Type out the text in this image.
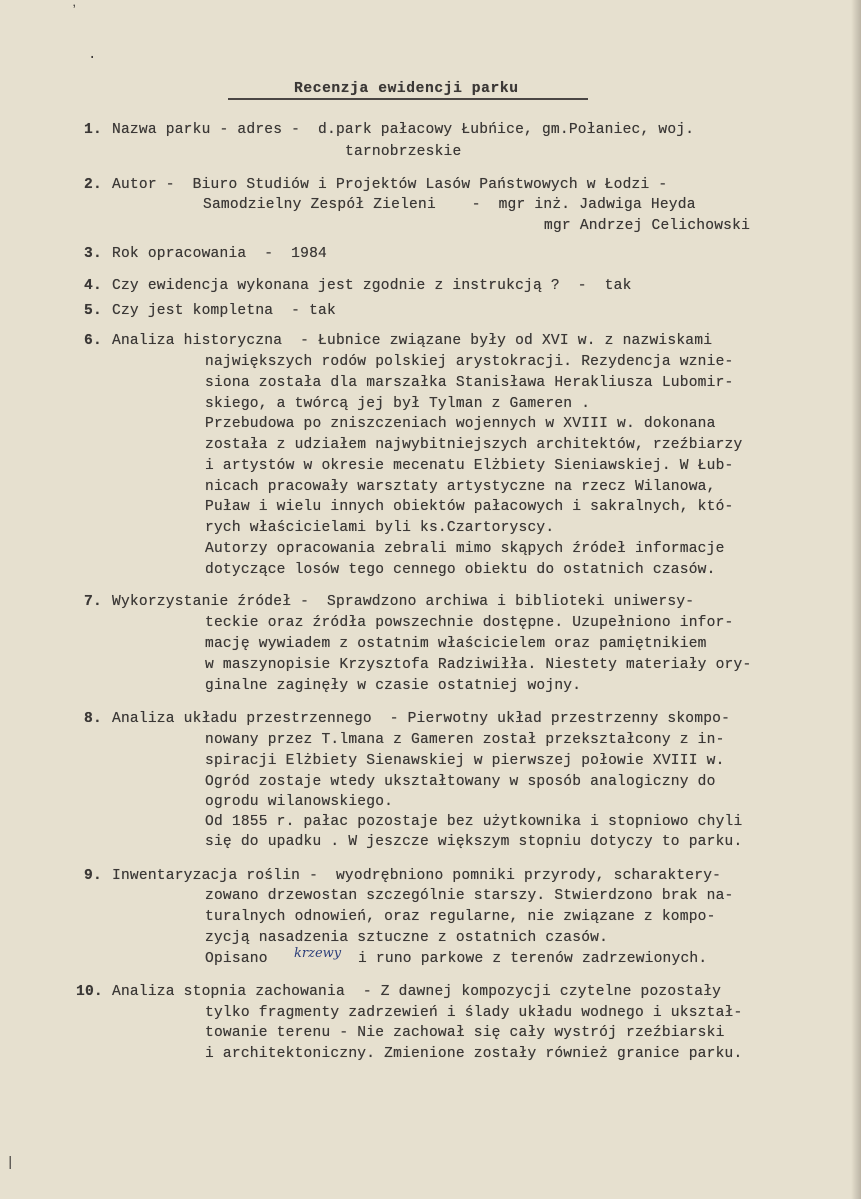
ʼ
·
Recenzja ewidencji parku
1. Nazwa parku - adres -  d.park pałacowy Łubńice, gm.Połaniec, woj.
tarnobrzeskie
2. Autor -  Biuro Studiów i Projektów Lasów Państwowych w Łodzi -
Samodzielny Zespół Zieleni    -  mgr inż. Jadwiga Heyda
mgr Andrzej Celichowski
3. Rok opracowania  -  1984
4. Czy ewidencja wykonana jest zgodnie z instrukcją ?  -  tak
5. Czy jest kompletna  - tak
6. Analiza historyczna  - Łubnice związane były od XVI w. z nazwiskami
największych rodów polskiej arystokracji. Rezydencja wznie-
siona została dla marszałka Stanisława Herakliusza Lubomir-
skiego, a twórcą jej był Tylman z Gameren .
Przebudowa po zniszczeniach wojennych w XVIII w. dokonana
została z udziałem najwybitniejszych architektów, rzeźbiarzy
i artystów w okresie mecenatu Elżbiety Sieniawskiej. W Łub-
nicach pracowały warsztaty artystyczne na rzecz Wilanowa,
Puław i wielu innych obiektów pałacowych i sakralnych, któ-
rych właścicielami byli ks.Czartoryscy.
Autorzy opracowania zebrali mimo skąpych źródeł informacje
dotyczące losów tego cennego obiektu do ostatnich czasów.
7. Wykorzystanie źródeł -  Sprawdzono archiwa i biblioteki uniwersy-
teckie oraz źródła powszechnie dostępne. Uzupełniono infor-
mację wywiadem z ostatnim właścicielem oraz pamiętnikiem
w maszynopisie Krzysztofa Radziwiłła. Niestety materiały ory-
ginalne zaginęły w czasie ostatniej wojny.
8. Analiza układu przestrzennego  - Pierwotny układ przestrzenny skompo-
nowany przez T.lmana z Gameren został przekształcony z in-
spiracji Elżbiety Sienawskiej w pierwszej połowie XVIII w.
Ogród zostaje wtedy ukształtowany w sposób analogiczny do
ogrodu wilanowskiego.
Od 1855 r. pałac pozostaje bez użytkownika i stopniowo chyli
się do upadku . W jeszcze większym stopniu dotyczy to parku.
9. Inwentaryzacja roślin -  wyodrębniono pomniki przyrody, scharaktery-
zowano drzewostan szczególnie starszy. Stwierdzono brak na-
turalnych odnowień, oraz regularne, nie związane z kompo-
zycją nasadzenia sztuczne z ostatnich czasów.
Opisano krzewy i runo parkowe z terenów zadrzewionych.
10. Analiza stopnia zachowania  - Z dawnej kompozycji czytelne pozostały
tylko fragmenty zadrzewień i ślady układu wodnego i ukształ-
towanie terenu - Nie zachował się cały wystrój rzeźbiarski
i architektoniczny. Zmienione zostały również granice parku.
|
